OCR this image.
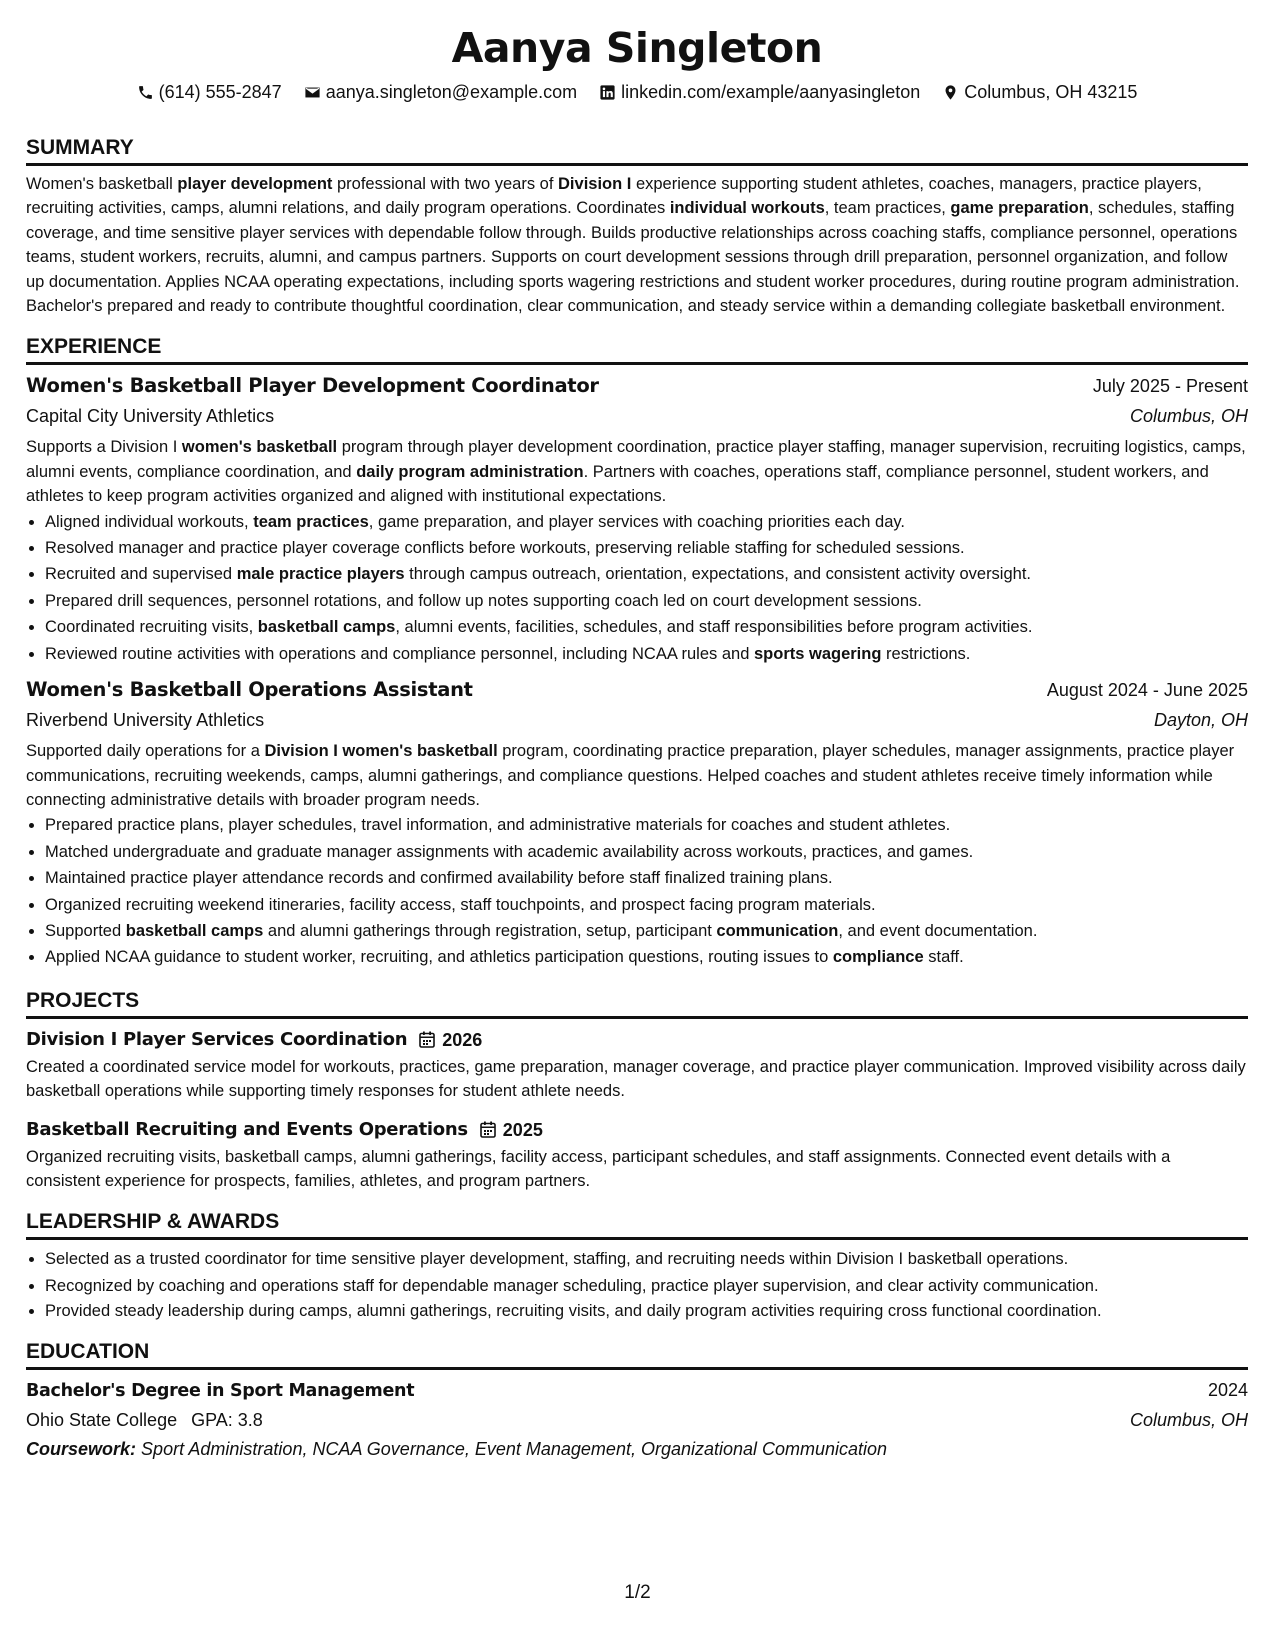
Aanya Singleton
(614) 555-2847 aanya.singleton@example.com linkedin.com/example/aanyasingleton Columbus, OH 43215
SUMMARY

Women's basketball player development professional with two years of Division I experience supporting student athletes, coaches, managers, practice players, recruiting activities, camps, alumni relations, and daily program operations. Coordinates individual workouts, team practices, game preparation, schedules, staffing coverage, and time sensitive player services with dependable follow through. Builds productive relationships across coaching staffs, compliance personnel, operations teams, student workers, recruits, alumni, and campus partners. Supports on court development sessions through drill preparation, personnel organization, and follow up documentation. Applies NCAA operating expectations, including sports wagering restrictions and student worker procedures, during routine program administration. Bachelor's prepared and ready to contribute thoughtful coordination, clear communication, and steady service within a demanding collegiate basketball environment.

EXPERIENCE
Women's Basketball Player Development Coordinator	July 2025 - Present
Capital City University Athletics	Columbus, OH

Supports a Division I women's basketball program through player development coordination, practice player staffing, manager supervision, recruiting logistics, camps, alumni events, compliance coordination, and daily program administration. Partners with coaches, operations staff, compliance personnel, student workers, and athletes to keep program activities organized and aligned with institutional expectations.

• Aligned individual workouts, team practices, game preparation, and player services with coaching priorities each day.
• Resolved manager and practice player coverage conflicts before workouts, preserving reliable staffing for scheduled sessions.
• Recruited and supervised male practice players through campus outreach, orientation, expectations, and consistent activity oversight.
• Prepared drill sequences, personnel rotations, and follow up notes supporting coach led on court development sessions.
• Coordinated recruiting visits, basketball camps, alumni events, facilities, schedules, and staff responsibilities before program activities.
• Reviewed routine activities with operations and compliance personnel, including NCAA rules and sports wagering restrictions.
Women's Basketball Operations Assistant	August 2024 - June 2025
Riverbend University Athletics	Dayton, OH

Supported daily operations for a Division I women's basketball program, coordinating practice preparation, player schedules, manager assignments, practice player communications, recruiting weekends, camps, alumni gatherings, and compliance questions. Helped coaches and student athletes receive timely information while connecting administrative details with broader program needs.

• Prepared practice plans, player schedules, travel information, and administrative materials for coaches and student athletes.
• Matched undergraduate and graduate manager assignments with academic availability across workouts, practices, and games.
• Maintained practice player attendance records and confirmed availability before staff finalized training plans.
• Organized recruiting weekend itineraries, facility access, staff touchpoints, and prospect facing program materials.
• Supported basketball camps and alumni gatherings through registration, setup, participant communication, and event documentation.
• Applied NCAA guidance to student worker, recruiting, and athletics participation questions, routing issues to compliance staff.
PROJECTS
Division I Player Services Coordination 2026

Created a coordinated service model for workouts, practices, game preparation, manager coverage, and practice player communication. Improved visibility across daily basketball operations while supporting timely responses for student athlete needs.

Basketball Recruiting and Events Operations 2025

Organized recruiting visits, basketball camps, alumni gatherings, facility access, participant schedules, and staff assignments. Connected event details with a consistent experience for prospects, families, athletes, and program partners.

LEADERSHIP & AWARDS
• Selected as a trusted coordinator for time sensitive player development, staffing, and recruiting needs within Division I basketball operations.
• Recognized by coaching and operations staff for dependable manager scheduling, practice player supervision, and clear activity communication.
• Provided steady leadership during camps, alumni gatherings, recruiting visits, and daily program activities requiring cross functional coordination.
EDUCATION
Bachelor's Degree in Sport Management	2024
Ohio State College GPA: 3.8	Columbus, OH
Coursework: Sport Administration, NCAA Governance, Event Management, Organizational Communication
1/2
